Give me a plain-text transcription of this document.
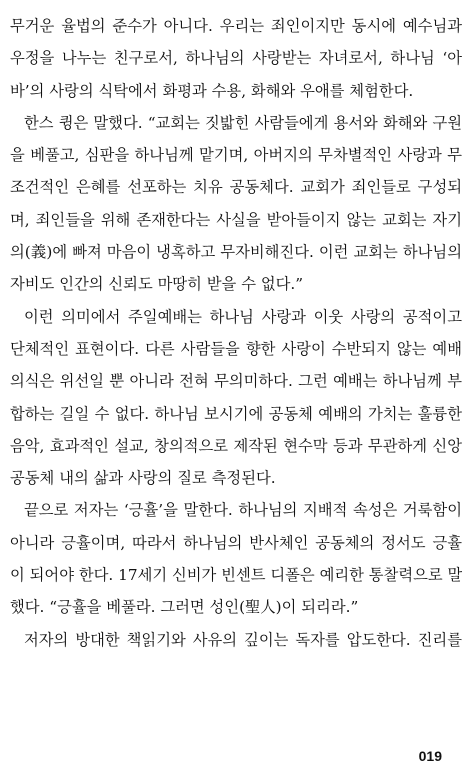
무거운 율법의 준수가 아니다. 우리는 죄인이지만 동시에 예수님과
우정을 나누는 친구로서, 하나님의 사랑받는 자녀로서, 하나님 ‘아
바’의 사랑의 식탁에서 화평과 수용, 화해와 우애를 체험한다.
한스 큉은 말했다. “교회는 짓밟힌 사람들에게 용서와 화해와 구원
을 베풀고, 심판을 하나님께 맡기며, 아버지의 무차별적인 사랑과 무
조건적인 은혜를 선포하는 치유 공동체다. 교회가 죄인들로 구성되
며, 죄인들을 위해 존재한다는 사실을 받아들이지 않는 교회는 자기
의(義)에 빠져 마음이 냉혹하고 무자비해진다. 이런 교회는 하나님의
자비도 인간의 신뢰도 마땅히 받을 수 없다.”
이런 의미에서 주일예배는 하나님 사랑과 이웃 사랑의 공적이고
단체적인 표현이다. 다른 사람들을 향한 사랑이 수반되지 않는 예배
의식은 위선일 뿐 아니라 전혀 무의미하다. 그런 예배는 하나님께 부
합하는 길일 수 없다. 하나님 보시기에 공동체 예배의 가치는 훌륭한
음악, 효과적인 설교, 창의적으로 제작된 현수막 등과 무관하게 신앙
공동체 내의 삶과 사랑의 질로 측정된다.
끝으로 저자는 ‘긍휼’을 말한다. 하나님의 지배적 속성은 거룩함이
아니라 긍휼이며, 따라서 하나님의 반사체인 공동체의 정서도 긍휼
이 되어야 한다. 17세기 신비가 빈센트 디폴은 예리한 통찰력으로 말
했다. “긍휼을 베풀라. 그러면 성인(聖人)이 되리라.”
저자의 방대한 책읽기와 사유의 깊이는 독자를 압도한다. 진리를
019
